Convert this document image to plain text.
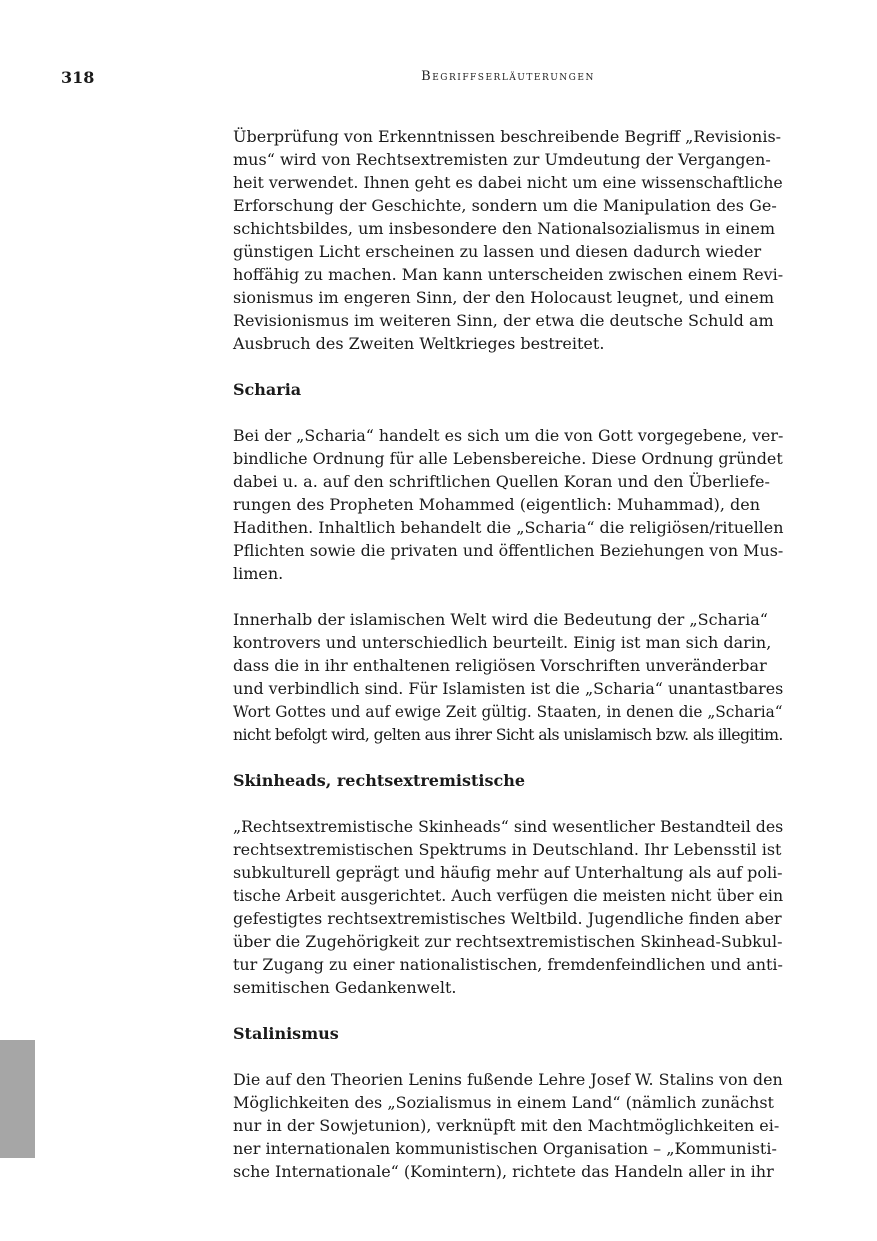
318	Begriffserläuterungen
Überprüfung von Erkenntnissen beschreibende Begriff „Revisionis-
mus“ wird von Rechtsextremisten zur Umdeutung der Vergangen-
heit verwendet. Ihnen geht es dabei nicht um eine wissenschaftliche
Erforschung der Geschichte, sondern um die Manipulation des Ge-
schichtsbildes, um insbesondere den Nationalsozialismus in einem
günstigen Licht erscheinen zu lassen und diesen dadurch wieder
hoffähig zu machen. Man kann unterscheiden zwischen einem Revi-
sionismus im engeren Sinn, der den Holocaust leugnet, und einem
Revisionismus im weiteren Sinn, der etwa die deutsche Schuld am
Ausbruch des Zweiten Weltkrieges bestreitet.
Scharia
Bei der „Scharia“ handelt es sich um die von Gott vorgegebene, ver-
bindliche Ordnung für alle Lebensbereiche. Diese Ordnung gründet
dabei u. a. auf den schriftlichen Quellen Koran und den Überliefe-
rungen des Propheten Mohammed (eigentlich: Muhammad), den
Hadithen. Inhaltlich behandelt die „Scharia“ die religiösen/rituellen
Pflichten sowie die privaten und öffentlichen Beziehungen von Mus-
limen.
Innerhalb der islamischen Welt wird die Bedeutung der „Scharia“
kontrovers und unterschiedlich beurteilt. Einig ist man sich darin,
dass die in ihr enthaltenen religiösen Vorschriften unveränderbar
und verbindlich sind. Für Islamisten ist die „Scharia“ unantastbares
Wort Gottes und auf ewige Zeit gültig. Staaten, in denen die „Scharia“
nicht befolgt wird, gelten aus ihrer Sicht als unislamisch bzw. als illegitim.
Skinheads, rechtsextremistische
„Rechtsextremistische Skinheads“ sind wesentlicher Bestandteil des
rechtsextremistischen Spektrums in Deutschland. Ihr Lebensstil ist
subkulturell geprägt und häufig mehr auf Unterhaltung als auf poli-
tische Arbeit ausgerichtet. Auch verfügen die meisten nicht über ein
gefestigtes rechtsextremistisches Weltbild. Jugendliche finden aber
über die Zugehörigkeit zur rechtsextremistischen Skinhead-Subkul-
tur Zugang zu einer nationalistischen, fremdenfeindlichen und anti-
semitischen Gedankenwelt.
Stalinismus
Die auf den Theorien Lenins fußende Lehre Josef W. Stalins von den
Möglichkeiten des „Sozialismus in einem Land“ (nämlich zunächst
nur in der Sowjetunion), verknüpft mit den Machtmöglichkeiten ei-
ner internationalen kommunistischen Organisation – „Kommunisti-
sche Internationale“ (Komintern), richtete das Handeln aller in ihr
